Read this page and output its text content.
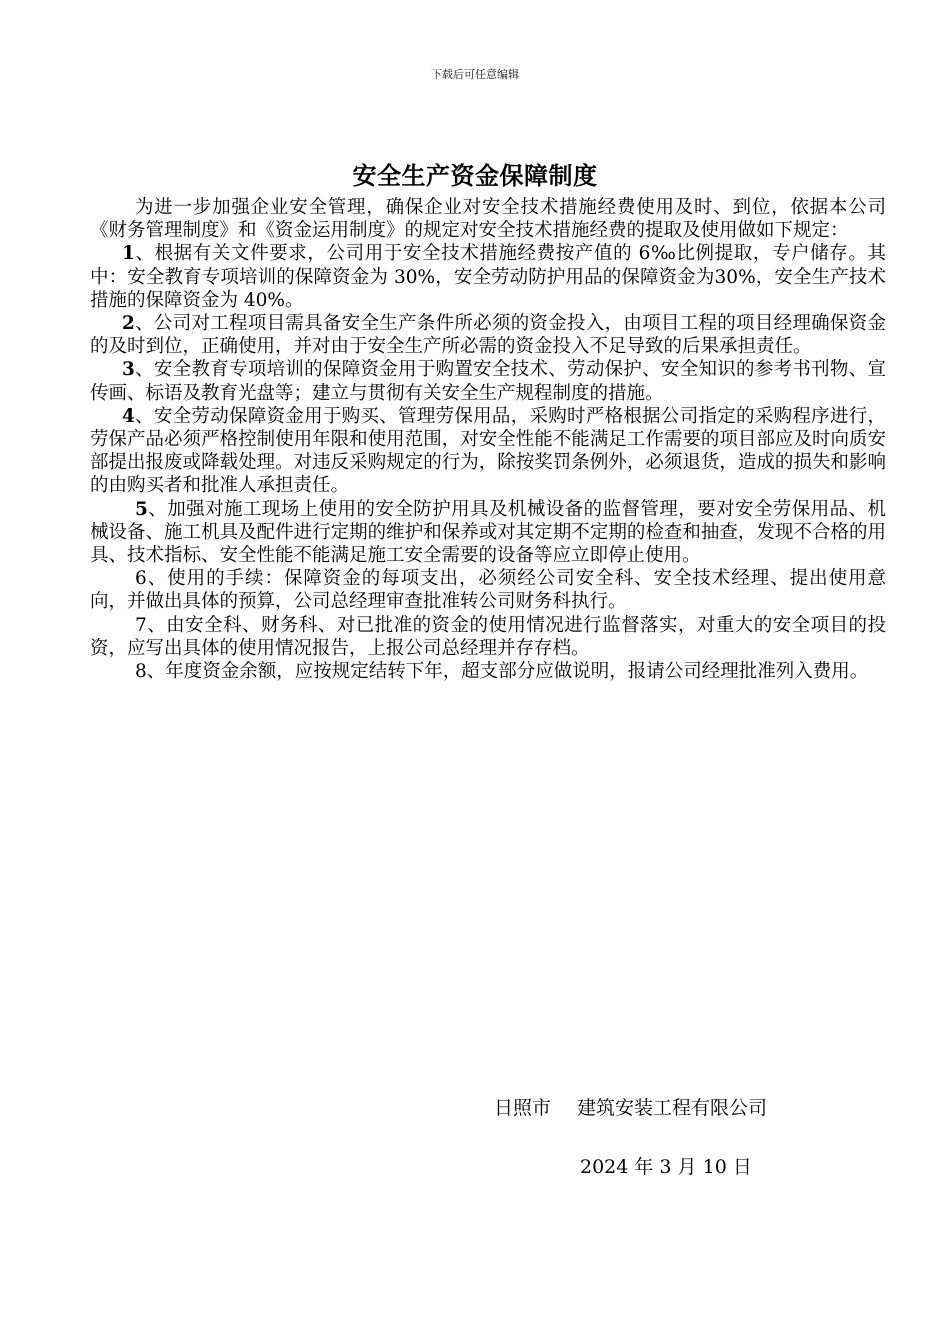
下载后可任意编辑
安全生产资金保障制度

为进一步加强企业安全管理，确保企业对安全技术措施经费使用及时、到位，依据本公司《财务管理制度》和《资金运用制度》的规定对安全技术措施经费的提取及使用做如下规定：

1、根据有关文件要求，公司用于安全技术措施经费按产值的 6‰比例提取，专户储存。其中：安全教育专项培训的保障资金为 30%，安全劳动防护用品的保障资金为30%，安全生产技术措施的保障资金为 40%。

2、公司对工程项目需具备安全生产条件所必须的资金投入，由项目工程的项目经理确保资金的及时到位，正确使用，并对由于安全生产所必需的资金投入不足导致的后果承担责任。

3、安全教育专项培训的保障资金用于购置安全技术、劳动保护、安全知识的参考书刊物、宣传画、标语及教育光盘等；建立与贯彻有关安全生产规程制度的措施。

4、安全劳动保障资金用于购买、管理劳保用品，采购时严格根据公司指定的采购程序进行，劳保产品必须严格控制使用年限和使用范围，对安全性能不能满足工作需要的项目部应及时向质安部提出报废或降载处理。对违反采购规定的行为，除按奖罚条例外，必须退货，造成的损失和影响的由购买者和批准人承担责任。

5、加强对施工现场上使用的安全防护用具及机械设备的监督管理，要对安全劳保用品、机械设备、施工机具及配件进行定期的维护和保养或对其定期不定期的检查和抽查，发现不合格的用具、技术指标、安全性能不能满足施工安全需要的设备等应立即停止使用。

6、使用的手续：保障资金的每项支出，必须经公司安全科、安全技术经理、提出使用意向，并做出具体的预算，公司总经理审查批准转公司财务科执行。

7、由安全科、财务科、对已批准的资金的使用情况进行监督落实，对重大的安全项目的投资，应写出具体的使用情况报告，上报公司总经理并存存档。

8、年度资金余额，应按规定结转下年，超支部分应做说明，报请公司经理批准列入费用。

日照市 建筑安装工程有限公司
2024 年 3 月 10 日
